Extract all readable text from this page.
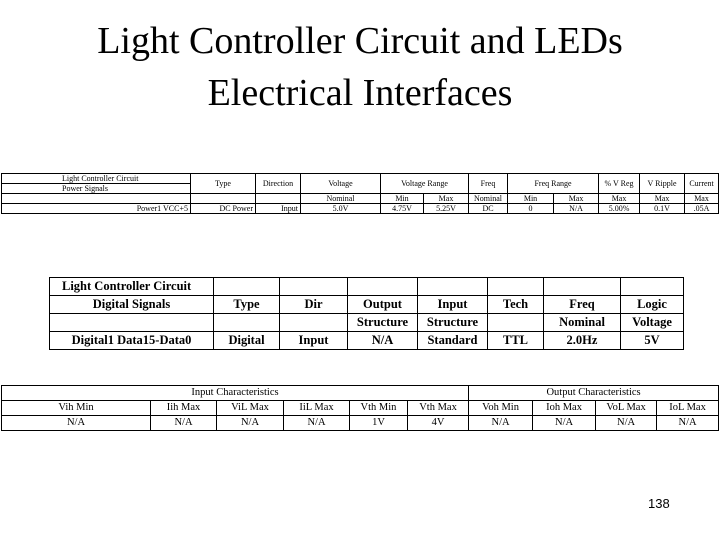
Light Controller Circuit and LEDs
Electrical Interfaces
Light Controller Circuit	Type	Direction	Voltage	Voltage Range		Freq	Freq Range		% V Reg	V Ripple	Current
Power Signals											
			Nominal	Min	Max	Nominal	Min	Max	Max	Max	Max
Power1 VCC+5	DC Power	Input	5.0V	4.75V	5.25V	DC	0	N/A	5.00%	0.1V	.05A
Light Controller Circuit							
Digital Signals	Type	Dir	Output	Input	Tech	Freq	Logic
			Structure	Structure		Nominal	Voltage
Digital1 Data15-Data0	Digital	Input	N/A	Standard	TTL	2.0Hz	5V
Input Characteristics						Output Characteristics			
Vih Min	Iih Max	ViL Max	IiL Max	Vth Min	Vth Max	Voh Min	Ioh Max	VoL Max	IoL Max
N/A	N/A	N/A	N/A	1V	4V	N/A	N/A	N/A	N/A
138
